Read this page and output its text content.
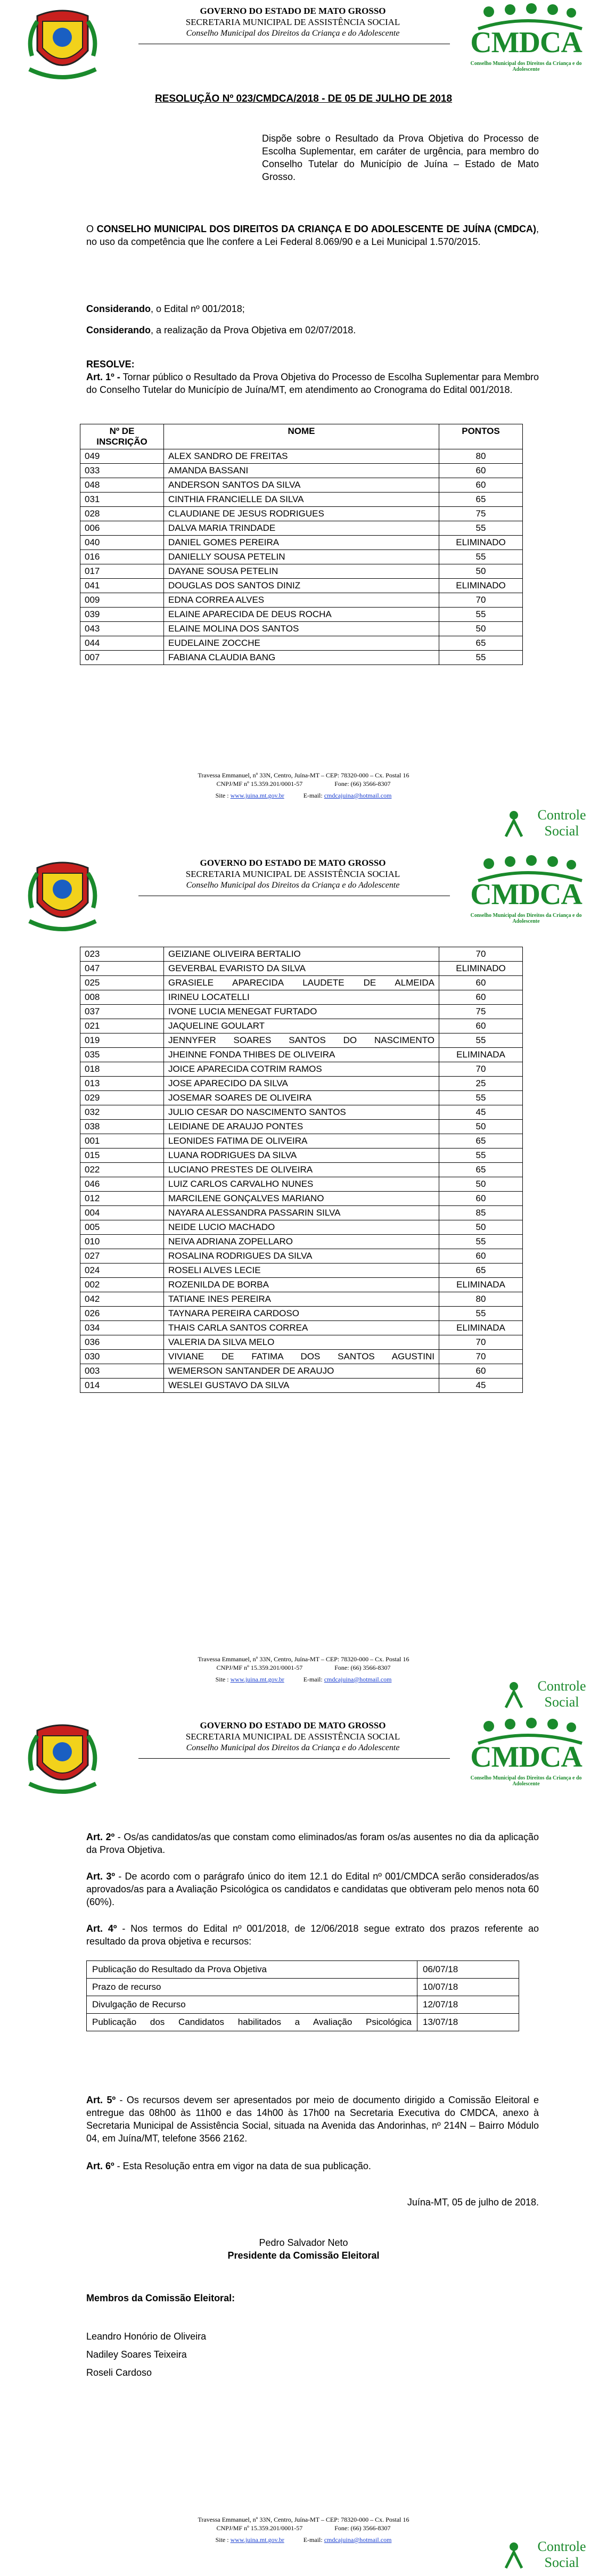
GOVERNO DO ESTADO DE MATO GROSSO
SECRETARIA MUNICIPAL DE ASSISTÊNCIA SOCIAL
Conselho Municipal dos Direitos da Criança e do Adolescente	CMDCA
Conselho Municipal dos Direitos da Criança e do Adolescente
RESOLUÇÃO Nº 023/CMDCA/2018 - DE 05 DE JULHO DE 2018
Dispõe sobre o Resultado da Prova Objetiva do Processo de Escolha Suplementar, em caráter de urgência, para membro do Conselho Tutelar do Município de Juína – Estado de Mato Grosso.
O CONSELHO MUNICIPAL DOS DIREITOS DA CRIANÇA E DO ADOLESCENTE DE JUÍNA (CMDCA), no uso da competência que lhe confere a Lei Federal 8.069/90 e a Lei Municipal 1.570/2015.
Considerando, o Edital nº 001/2018;
Considerando, a realização da Prova Objetiva em 02/07/2018.
RESOLVE:
Art. 1º - Tornar público o Resultado da Prova Objetiva do Processo de Escolha Suplementar para Membro do Conselho Tutelar do Município de Juína/MT, em atendimento ao Cronograma do Edital 001/2018.
Nº DE INSCRIÇÃO	NOME	PONTOS
049	ALEX SANDRO DE FREITAS	80
033	AMANDA BASSANI	60
048	ANDERSON SANTOS DA SILVA	60
031	CINTHIA FRANCIELLE DA SILVA	65
028	CLAUDIANE DE JESUS RODRIGUES	75
006	DALVA MARIA TRINDADE	55
040	DANIEL GOMES PEREIRA	ELIMINADO
016	DANIELLY SOUSA PETELIN	55
017	DAYANE SOUSA PETELIN	50
041	DOUGLAS DOS SANTOS DINIZ	ELIMINADO
009	EDNA CORREA ALVES	70
039	ELAINE APARECIDA DE DEUS ROCHA	55
043	ELAINE MOLINA DOS SANTOS	50
044	EUDELAINE ZOCCHE	65
007	FABIANA CLAUDIA BANG	55
Travessa Emmanuel, nº 33N, Centro, Juína-MT – CEP: 78320-000 – Cx. Postal 16
CNPJ/MF nº 15.359.201/0001-57	Fone: (66) 3566-8307
Site : www.juina.mt.gov.br	E-mail: cmdcajuina@hotmail.com
Controle Social
GOVERNO DO ESTADO DE MATO GROSSO
SECRETARIA MUNICIPAL DE ASSISTÊNCIA SOCIAL
Conselho Municipal dos Direitos da Criança e do Adolescente	CMDCA
Conselho Municipal dos Direitos da Criança e do Adolescente
023	GEIZIANE OLIVEIRA BERTALIO	70
047	GEVERBAL EVARISTO DA SILVA	ELIMINADO
025	GRASIELE APARECIDA LAUDETE DE ALMEIDA	60
008	IRINEU LOCATELLI	60
037	IVONE LUCIA MENEGAT FURTADO	75
021	JAQUELINE GOULART	60
019	JENNYFER SOARES SANTOS DO NASCIMENTO	55
035	JHEINNE FONDA THIBES DE OLIVEIRA	ELIMINADA
018	JOICE APARECIDA COTRIM RAMOS	70
013	JOSE APARECIDO DA SILVA	25
029	JOSEMAR SOARES DE OLIVEIRA	55
032	JULIO CESAR DO NASCIMENTO SANTOS	45
038	LEIDIANE DE ARAUJO PONTES	50
001	LEONIDES FATIMA DE OLIVEIRA	65
015	LUANA RODRIGUES DA SILVA	55
022	LUCIANO PRESTES DE OLIVEIRA	65
046	LUIZ CARLOS CARVALHO NUNES	50
012	MARCILENE GONÇALVES MARIANO	60
004	NAYARA ALESSANDRA PASSARIN SILVA	85
005	NEIDE LUCIO MACHADO	50
010	NEIVA ADRIANA ZOPELLARO	55
027	ROSALINA RODRIGUES DA SILVA	60
024	ROSELI ALVES LECIE	65
002	ROZENILDA DE BORBA	ELIMINADA
042	TATIANE INES PEREIRA	80
026	TAYNARA PEREIRA CARDOSO	55
034	THAIS CARLA SANTOS CORREA	ELIMINADA
036	VALERIA DA SILVA MELO	70
030	VIVIANE DE FATIMA DOS SANTOS AGUSTINI	70
003	WEMERSON SANTANDER DE ARAUJO	60
014	WESLEI GUSTAVO DA SILVA	45
Travessa Emmanuel, nº 33N, Centro, Juína-MT – CEP: 78320-000 – Cx. Postal 16
CNPJ/MF nº 15.359.201/0001-57	Fone: (66) 3566-8307
Site : www.juina.mt.gov.br	E-mail: cmdcajuina@hotmail.com	Controle Social
GOVERNO DO ESTADO DE MATO GROSSO
SECRETARIA MUNICIPAL DE ASSISTÊNCIA SOCIAL
Conselho Municipal dos Direitos da Criança e do Adolescente	CMDCA
Conselho Municipal dos Direitos da Criança e do Adolescente
Art. 2º - Os/as candidatos/as que constam como eliminados/as foram os/as ausentes no dia da aplicação da Prova Objetiva.
Art. 3º - De acordo com o parágrafo único do item 12.1 do Edital nº 001/CMDCA serão considerados/as aprovados/as para a Avaliação Psicológica os candidatos e candidatas que obtiveram pelo menos nota 60 (60%).
Art. 4º - Nos termos do Edital nº 001/2018, de 12/06/2018 segue extrato dos prazos referente ao resultado da prova objetiva e recursos:
Publicação do Resultado da Prova Objetiva	06/07/18
Prazo de recurso	10/07/18
Divulgação de Recurso	12/07/18
Publicação dos Candidatos habilitados a Avaliação Psicológica	13/07/18
Art. 5º - Os recursos devem ser apresentados por meio de documento dirigido a Comissão Eleitoral e entregue das 08h00 às 11h00 e das 14h00 às 17h00 na Secretaria Executiva do CMDCA, anexo à Secretaria Municipal de Assistência Social, situada na Avenida das Andorinhas, nº 214N – Bairro Módulo 04, em Juína/MT, telefone 3566 2162.
Art. 6º - Esta Resolução entra em vigor na data de sua publicação.
Juína-MT, 05 de julho de 2018.
Pedro Salvador Neto
Presidente da Comissão Eleitoral
Membros da Comissão Eleitoral:
Leandro Honório de Oliveira
Nadiley Soares Teixeira
Roseli Cardoso
Travessa Emmanuel, nº 33N, Centro, Juína-MT – CEP: 78320-000 – Cx. Postal 16
CNPJ/MF nº 15.359.201/0001-57	Fone: (66) 3566-8307
Site : www.juina.mt.gov.br	E-mail: cmdcajuina@hotmail.com	Controle Social
